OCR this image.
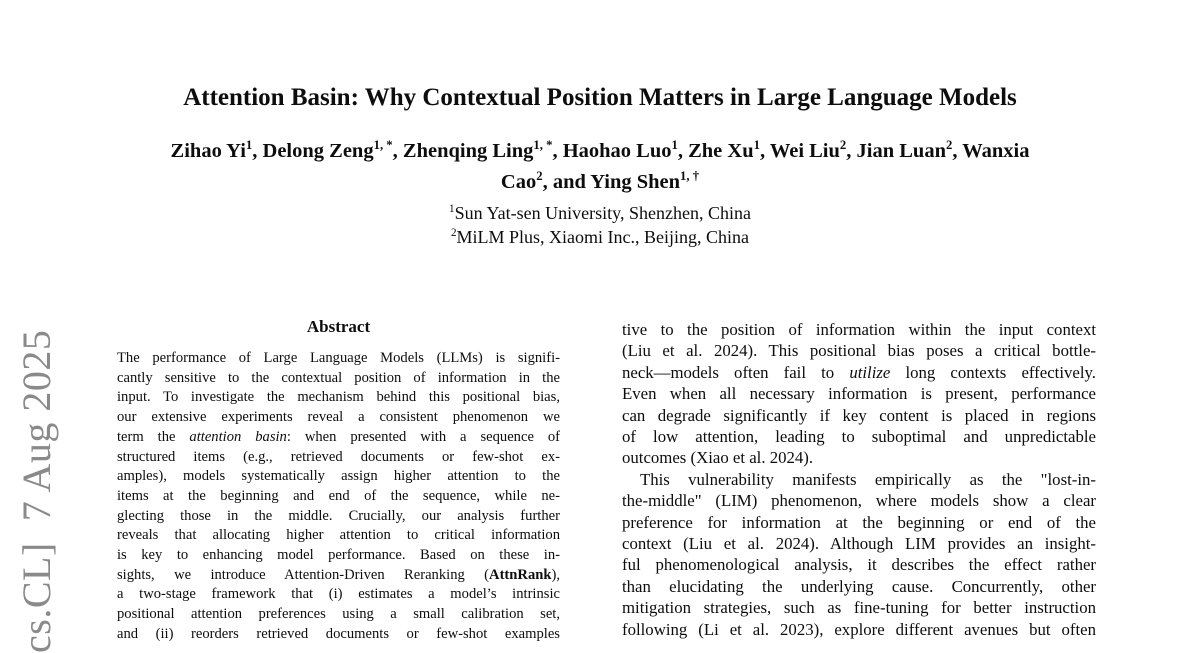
cs.CL]  7 Aug 2025
Attention Basin: Why Contextual Position Matters in Large Language Models
Zihao Yi$^1$, Delong Zeng$^{1, *}$, Zhenqing Ling$^{1, *}$, Haohao Luo$^1$, Zhe Xu$^1$, Wei Liu$^2$, Jian Luan$^2$, Wanxia
Cao$^2$, and Ying Shen$^{1, \dagger}$
$^1$Sun Yat-sen University, Shenzhen, China
$^2$MiLM Plus, Xiaomi Inc., Beijing, China
Abstract
The performance of Large Language Models (LLMs) is signifi-
cantly sensitive to the contextual position of information in the
input. To investigate the mechanism behind this positional bias,
our extensive experiments reveal a consistent phenomenon we
term the attention basin: when presented with a sequence of
structured items (e.g., retrieved documents or few-shot ex-
amples), models systematically assign higher attention to the
items at the beginning and end of the sequence, while ne-
glecting those in the middle. Crucially, our analysis further
reveals that allocating higher attention to critical information
is key to enhancing model performance. Based on these in-
sights, we introduce Attention-Driven Reranking (AttnRank),
a two-stage framework that (i) estimates a model’s intrinsic
positional attention preferences using a small calibration set,
and (ii) reorders retrieved documents or few-shot examples
tive to the position of information within the input context
(Liu et al. 2024). This positional bias poses a critical bottle-
neck—models often fail to utilize long contexts effectively.
Even when all necessary information is present, performance
can degrade significantly if key content is placed in regions
of low attention, leading to suboptimal and unpredictable
outcomes (Xiao et al. 2024).
This vulnerability manifests empirically as the "lost-in-
the-middle" (LIM) phenomenon, where models show a clear
preference for information at the beginning or end of the
context (Liu et al. 2024). Although LIM provides an insight-
ful phenomenological analysis, it describes the effect rather
than elucidating the underlying cause. Concurrently, other
mitigation strategies, such as fine-tuning for better instruction
following (Li et al. 2023), explore different avenues but often
